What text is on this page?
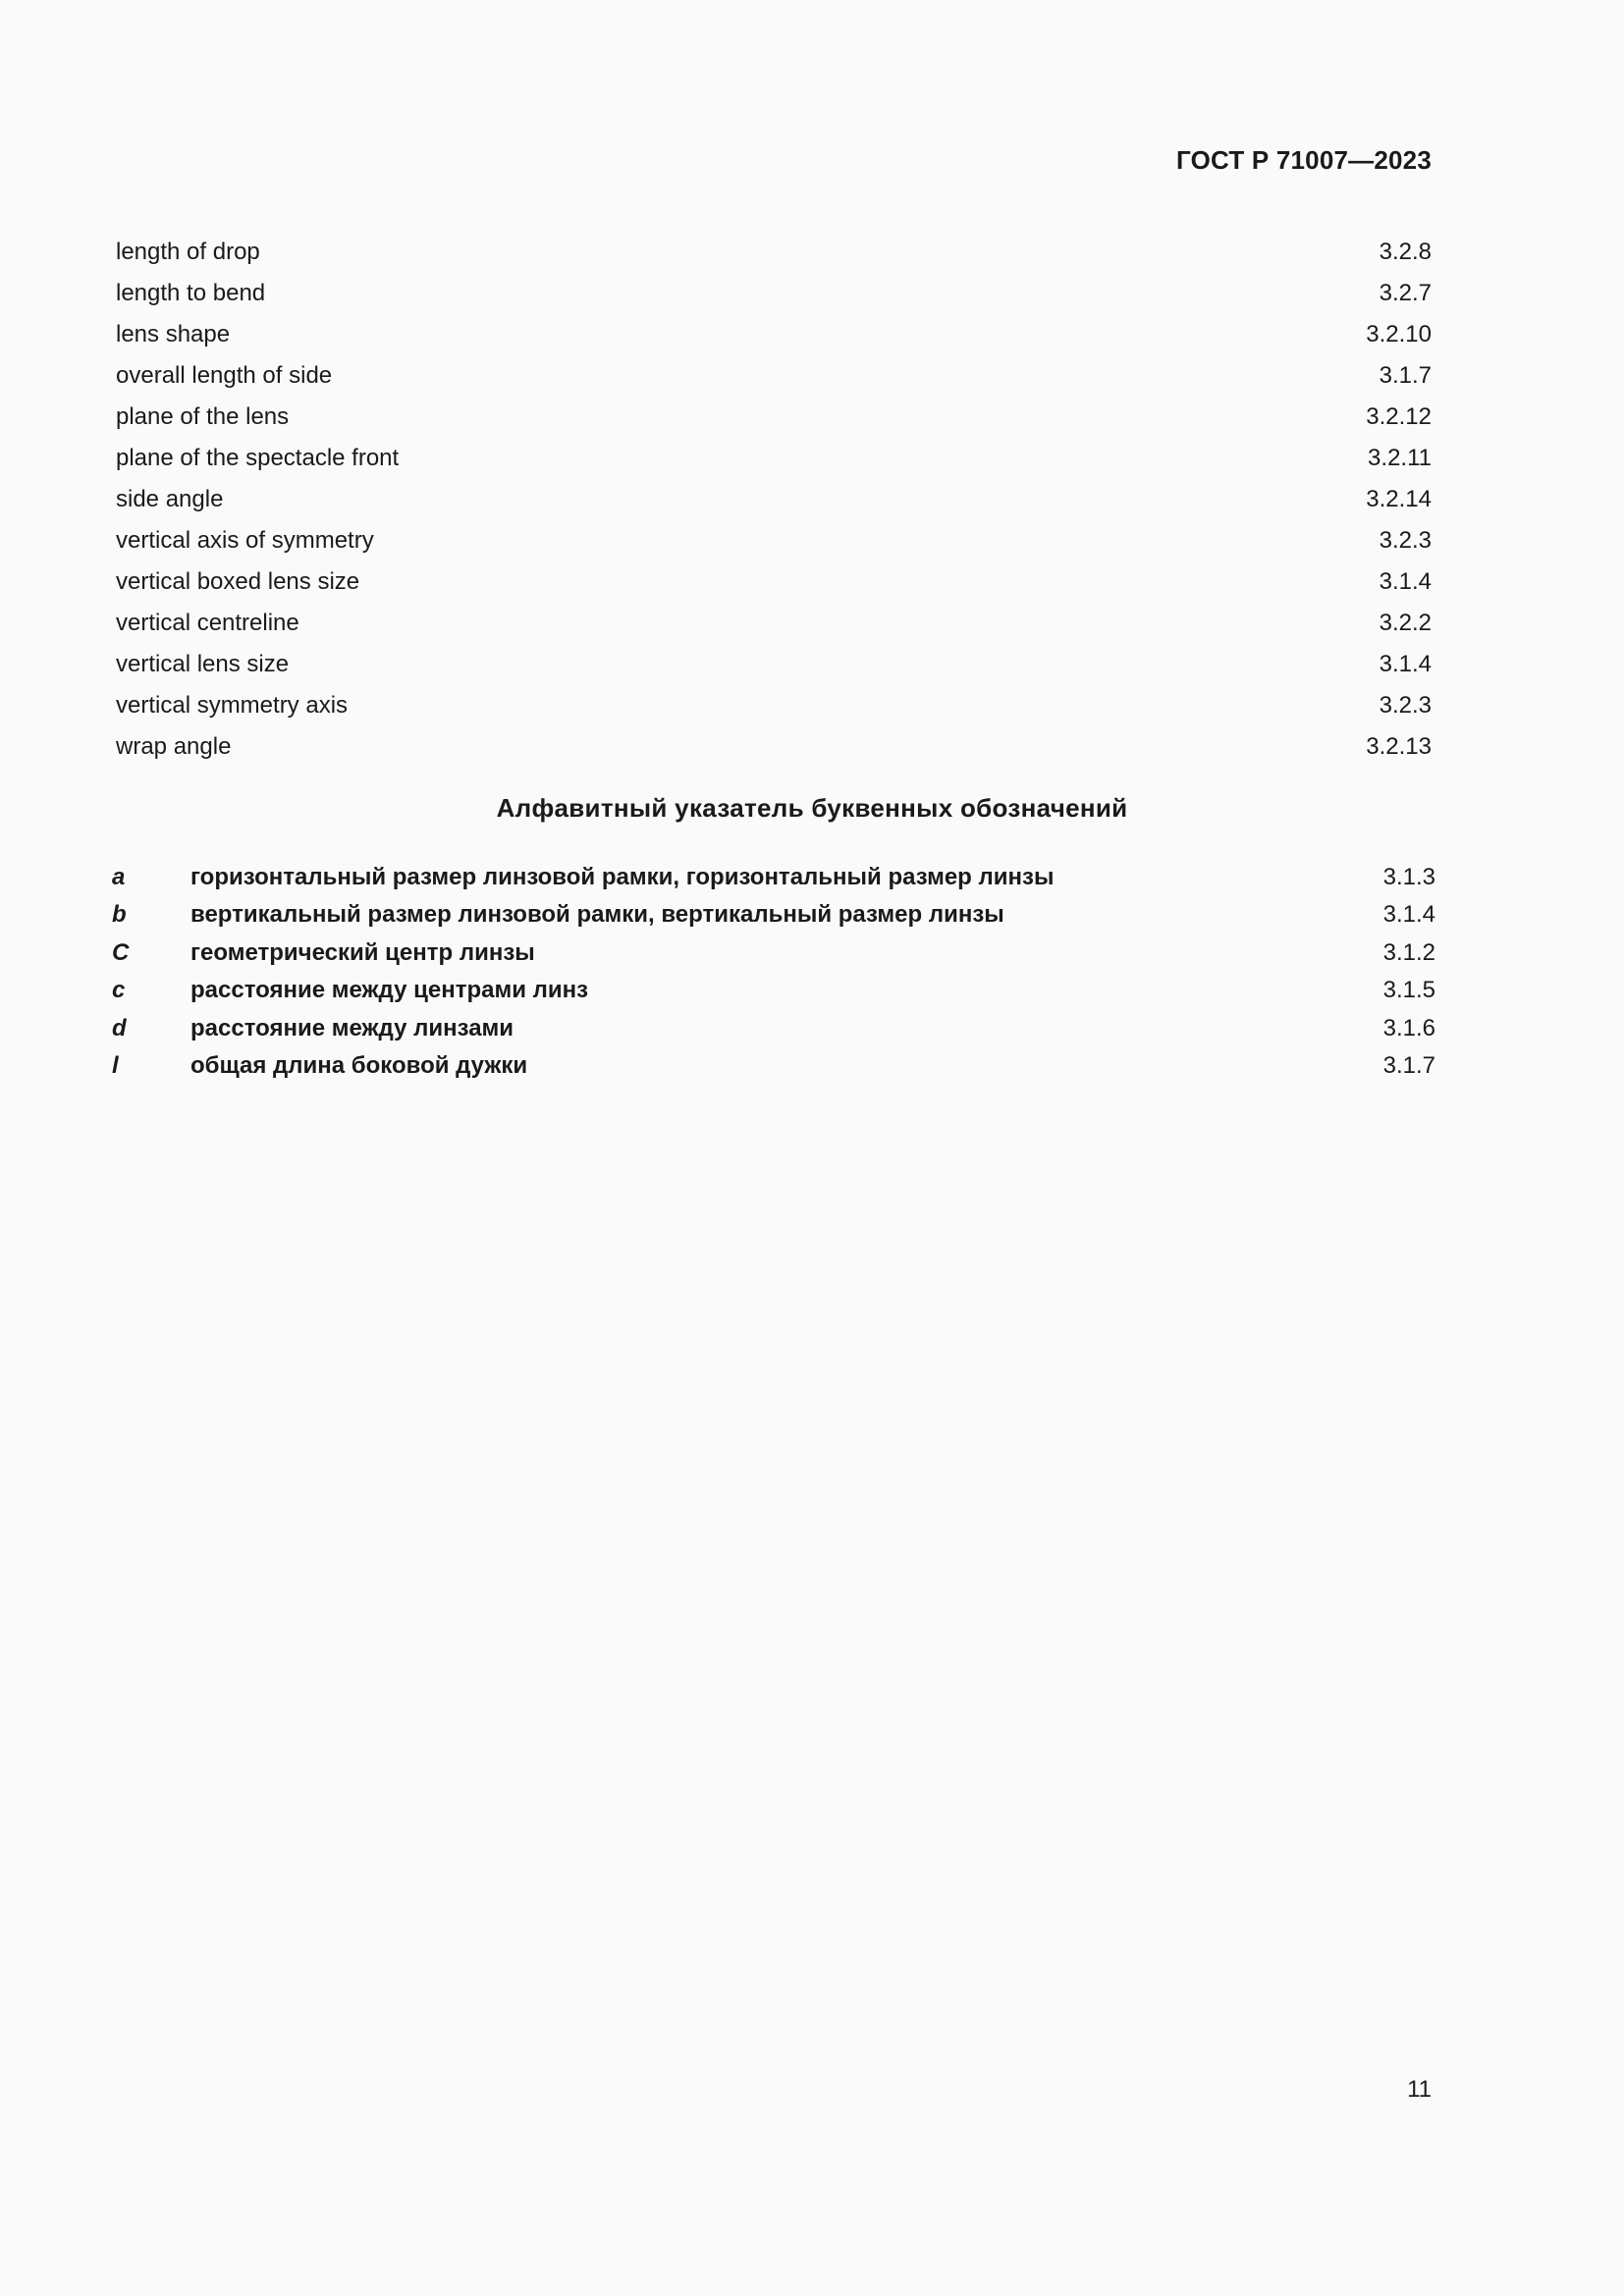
ГОСТ Р 71007—2023
length of drop	3.2.8
length to bend	3.2.7
lens shape	3.2.10
overall length of side	3.1.7
plane of the lens	3.2.12
plane of the spectacle front	3.2.11
side angle	3.2.14
vertical axis of symmetry	3.2.3
vertical boxed lens size	3.1.4
vertical centreline	3.2.2
vertical lens size	3.1.4
vertical symmetry axis	3.2.3
wrap angle	3.2.13
Алфавитный указатель буквенных обозначений
a	горизонтальный размер линзовой рамки, горизонтальный размер линзы	3.1.3
b	вертикальный размер линзовой рамки, вертикальный размер линзы	3.1.4
C	геометрический центр линзы	3.1.2
c	расстояние между центрами линз	3.1.5
d	расстояние между линзами	3.1.6
l	общая длина боковой дужки	3.1.7
11
